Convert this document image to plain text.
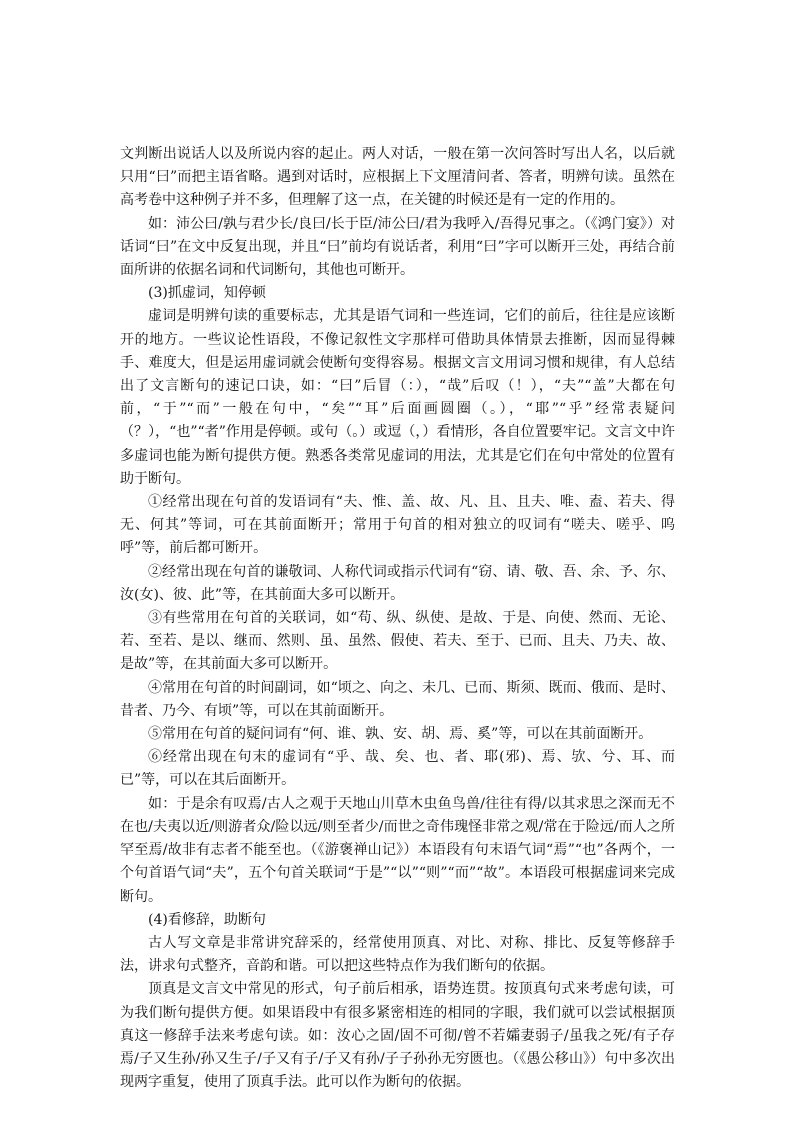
文判断出说话人以及所说内容的起止。两人对话，一般在第一次问答时写出人名，以后就只用“曰”而把主语省略。遇到对话时，应根据上下文厘清问者、答者，明辨句读。虽然在高考卷中这种例子并不多，但理解了这一点，在关键的时候还是有一定的作用的。

如：沛公曰/孰与君少长/良曰/长于臣/沛公曰/君为我呼入/吾得兄事之。（《鸿门宴》）对话词“曰”在文中反复出现，并且“曰”前均有说话者，利用“曰”字可以断开三处，再结合前面所讲的依据名词和代词断句，其他也可断开。

(3)抓虚词，知停顿

虚词是明辨句读的重要标志，尤其是语气词和一些连词，它们的前后，往往是应该断开的地方。一些议论性语段，不像记叙性文字那样可借助具体情景去推断，因而显得棘手、难度大，但是运用虚词就会使断句变得容易。根据文言文用词习惯和规律，有人总结出了文言断句的速记口诀，如：“曰”后冒（：），“哉”后叹（！），“夫”“盖”大都在句前，“于”“而”一般在句中，“矣”“耳”后面画圆圈（。），“耶”“乎”经常表疑问（？），“也”“者”作用是停顿。或句（。）或逗（，）看情形，各自位置要牢记。文言文中许多虚词也能为断句提供方便。熟悉各类常见虚词的用法，尤其是它们在句中常处的位置有助于断句。

①经常出现在句首的发语词有“夫、惟、盖、故、凡、且、且夫、唯、盍、若夫、得无、何其”等词，可在其前面断开；常用于句首的相对独立的叹词有“嗟夫、嗟乎、呜呼”等，前后都可断开。

②经常出现在句首的谦敬词、人称代词或指示代词有“窃、请、敬、吾、余、予、尔、汝(女)、彼、此”等，在其前面大多可以断开。

③有些常用在句首的关联词，如“苟、纵、纵使、是故、于是、向使、然而、无论、若、至若、是以、继而、然则、虽、虽然、假使、若夫、至于、已而、且夫、乃夫、故、是故”等，在其前面大多可以断开。

④常用在句首的时间副词，如“顷之、向之、未几、已而、斯须、既而、俄而、是时、昔者、乃今、有顷”等，可以在其前面断开。

⑤常用在句首的疑问词有“何、谁、孰、安、胡、焉、奚”等，可以在其前面断开。

⑥经常出现在句末的虚词有“乎、哉、矣、也、者、耶(邪)、焉、欤、兮、耳、而已”等，可以在其后面断开。

如：于是余有叹焉/古人之观于天地山川草木虫鱼鸟兽/往往有得/以其求思之深而无不在也/夫夷以近/则游者众/险以远/则至者少/而世之奇伟瑰怪非常之观/常在于险远/而人之所罕至焉/故非有志者不能至也。（《游褒禅山记》）本语段有句末语气词“焉”“也”各两个，一个句首语气词“夫”，五个句首关联词“于是”“以”“则”“而”“故”。本语段可根据虚词来完成断句。

(4)看修辞，助断句

古人写文章是非常讲究辞采的，经常使用顶真、对比、对称、排比、反复等修辞手法，讲求句式整齐，音韵和谐。可以把这些特点作为我们断句的依据。

顶真是文言文中常见的形式，句子前后相承，语势连贯。按顶真句式来考虑句读，可为我们断句提供方便。如果语段中有很多紧密相连的相同的字眼，我们就可以尝试根据顶真这一修辞手法来考虑句读。如：汝心之固/固不可彻/曾不若孀妻弱子/虽我之死/有子存焉/子又生孙/孙又生子/子又有子/子又有孙/子子孙孙无穷匮也。（《愚公移山》）句中多次出现两字重复，使用了顶真手法。此可以作为断句的依据。
